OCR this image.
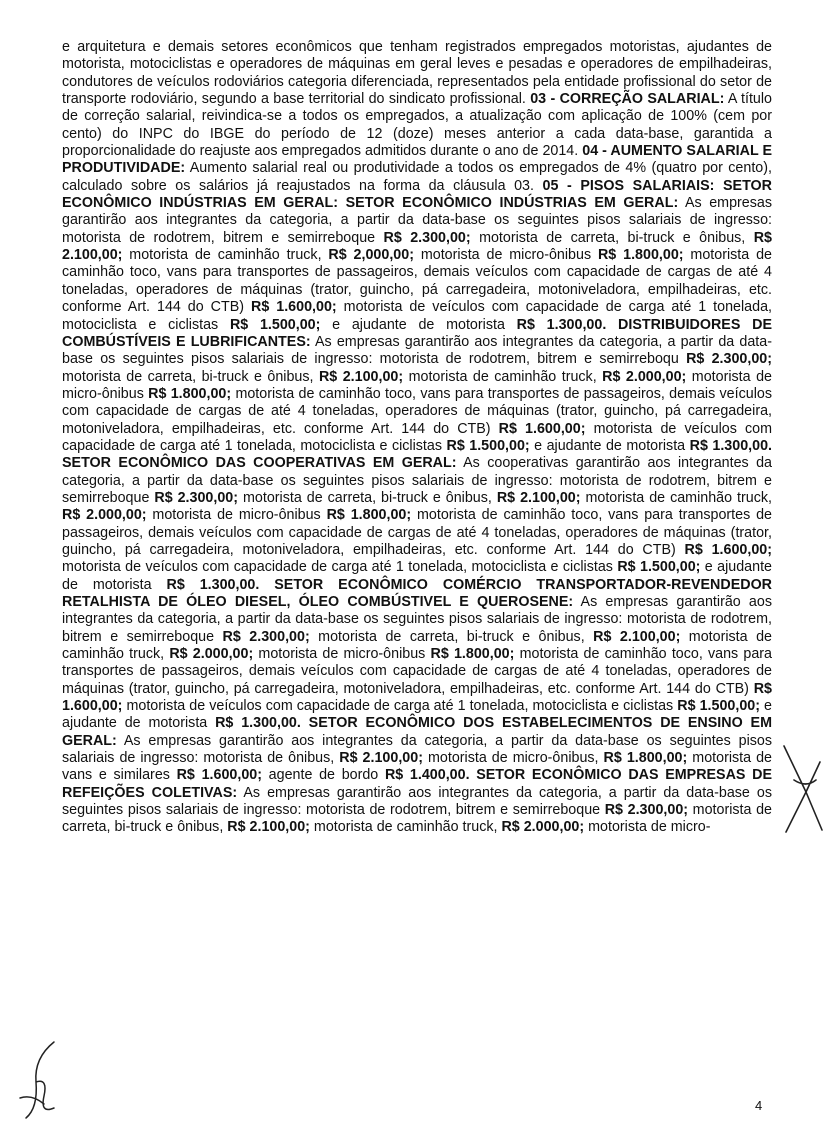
e arquitetura e demais setores econômicos que tenham registrados empregados motoristas, ajudantes de motorista, motociclistas e operadores de máquinas em geral leves e pesadas e operadores de empilhadeiras, condutores de veículos rodoviários categoria diferenciada, representados pela entidade profissional do setor de transporte rodoviário, segundo a base territorial do sindicato profissional. 03 - CORREÇÃO SALARIAL: A título de correção salarial, reivindica-se a todos os empregados, a atualização com aplicação de 100% (cem por cento) do INPC do IBGE do período de 12 (doze) meses anterior a cada data-base, garantida a proporcionalidade do reajuste aos empregados admitidos durante o ano de 2014. 04 - AUMENTO SALARIAL E PRODUTIVIDADE: Aumento salarial real ou produtividade a todos os empregados de 4% (quatro por cento), calculado sobre os salários já reajustados na forma da cláusula 03. 05 - PISOS SALARIAIS: SETOR ECONÔMICO INDÚSTRIAS EM GERAL: SETOR ECONÔMICO INDÚSTRIAS EM GERAL: As empresas garantirão aos integrantes da categoria, a partir da data-base os seguintes pisos salariais de ingresso: motorista de rodotrem, bitrem e semirreboque R$ 2.300,00; motorista de carreta, bi-truck e ônibus, R$ 2.100,00; motorista de caminhão truck, R$ 2,000,00; motorista de micro-ônibus R$ 1.800,00; motorista de caminhão toco, vans para transportes de passageiros, demais veículos com capacidade de cargas de até 4 toneladas, operadores de máquinas (trator, guincho, pá carregadeira, motoniveladora, empilhadeiras, etc. conforme Art. 144 do CTB) R$ 1.600,00; motorista de veículos com capacidade de carga até 1 tonelada, motociclista e ciclistas R$ 1.500,00; e ajudante de motorista R$ 1.300,00. DISTRIBUIDORES DE COMBÚSTÍVEIS E LUBRIFICANTES: As empresas garantirão aos integrantes da categoria, a partir da data-base os seguintes pisos salariais de ingresso: motorista de rodotrem, bitrem e semirreboqu R$ 2.300,00; motorista de carreta, bi-truck e ônibus, R$ 2.100,00; motorista de caminhão truck, R$ 2.000,00; motorista de micro-ônibus R$ 1.800,00; motorista de caminhão toco, vans para transportes de passageiros, demais veículos com capacidade de cargas de até 4 toneladas, operadores de máquinas (trator, guincho, pá carregadeira, motoniveladora, empilhadeiras, etc. conforme Art. 144 do CTB) R$ 1.600,00; motorista de veículos com capacidade de carga até 1 tonelada, motociclista e ciclistas R$ 1.500,00; e ajudante de motorista R$ 1.300,00. SETOR ECONÔMICO DAS COOPERATIVAS EM GERAL: As cooperativas garantirão aos integrantes da categoria, a partir da data-base os seguintes pisos salariais de ingresso: motorista de rodotrem, bitrem e semirreboque R$ 2.300,00; motorista de carreta, bi-truck e ônibus, R$ 2.100,00; motorista de caminhão truck, R$ 2.000,00; motorista de micro-ônibus R$ 1.800,00; motorista de caminhão toco, vans para transportes de passageiros, demais veículos com capacidade de cargas de até 4 toneladas, operadores de máquinas (trator, guincho, pá carregadeira, motoniveladora, empilhadeiras, etc. conforme Art. 144 do CTB) R$ 1.600,00; motorista de veículos com capacidade de carga até 1 tonelada, motociclista e ciclistas R$ 1.500,00; e ajudante de motorista R$ 1.300,00. SETOR ECONÔMICO COMÉRCIO TRANSPORTADOR-REVENDEDOR RETALHISTA DE ÓLEO DIESEL, ÓLEO COMBÚSTIVEL E QUEROSENE: As empresas garantirão aos integrantes da categoria, a partir da data-base os seguintes pisos salariais de ingresso: motorista de rodotrem, bitrem e semirreboque R$ 2.300,00; motorista de carreta, bi-truck e ônibus, R$ 2.100,00; motorista de caminhão truck, R$ 2.000,00; motorista de micro-ônibus R$ 1.800,00; motorista de caminhão toco, vans para transportes de passageiros, demais veículos com capacidade de cargas de até 4 toneladas, operadores de máquinas (trator, guincho, pá carregadeira, motoniveladora, empilhadeiras, etc. conforme Art. 144 do CTB) R$ 1.600,00; motorista de veículos com capacidade de carga até 1 tonelada, motociclista e ciclistas R$ 1.500,00; e ajudante de motorista R$ 1.300,00. SETOR ECONÔMICO DOS ESTABELECIMENTOS DE ENSINO EM GERAL: As empresas garantirão aos integrantes da categoria, a partir da data-base os seguintes pisos salariais de ingresso: motorista de ônibus, R$ 2.100,00; motorista de micro-ônibus, R$ 1.800,00; motorista de vans e similares R$ 1.600,00; agente de bordo R$ 1.400,00. SETOR ECONÔMICO DAS EMPRESAS DE REFEIÇÕES COLETIVAS: As empresas garantirão aos integrantes da categoria, a partir da data-base os seguintes pisos salariais de ingresso: motorista de rodotrem, bitrem e semirreboque R$ 2.300,00; motorista de carreta, bi-truck e ônibus, R$ 2.100,00; motorista de caminhão truck, R$ 2.000,00; motorista de micro-

4
